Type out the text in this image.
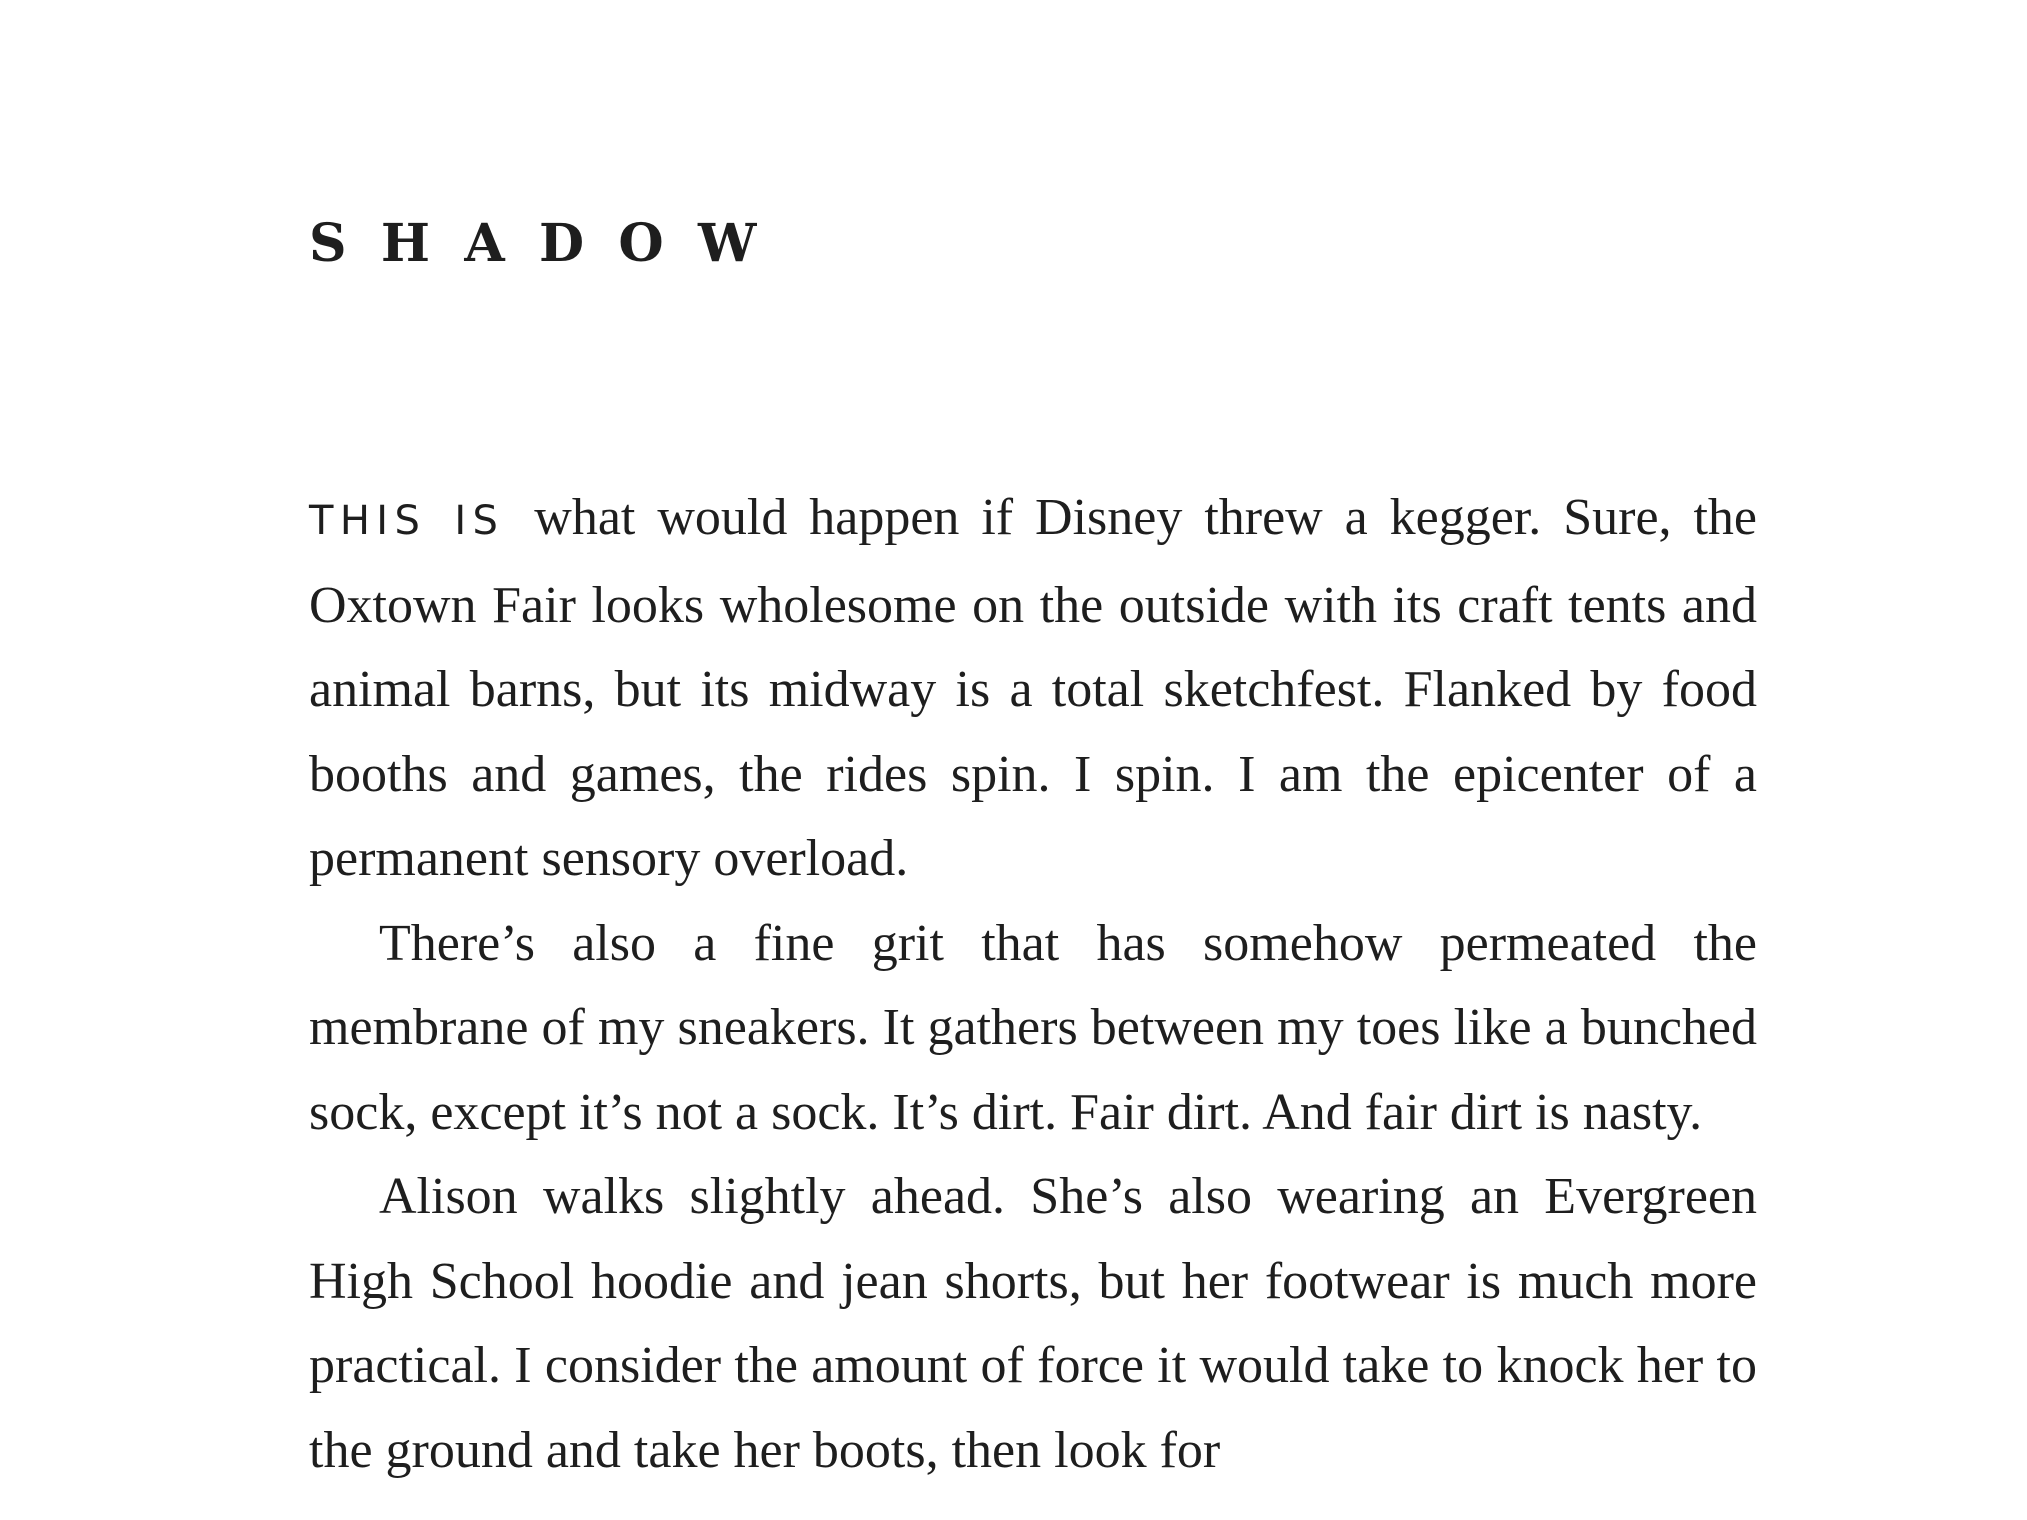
SHADOW

THIS IS what would happen if Disney threw a kegger. Sure, the Oxtown Fair looks wholesome on the outside with its craft tents and animal barns, but its midway is a total sketchfest. Flanked by food booths and games, the rides spin. I spin. I am the epicenter of a permanent sensory overload.

There’s also a fine grit that has somehow permeated the membrane of my sneakers. It gathers between my toes like a bunched sock, except it’s not a sock. It’s dirt. Fair dirt. And fair dirt is nasty.

Alison walks slightly ahead. She’s also wearing an Evergreen High School hoodie and jean shorts, but her footwear is much more practical. I consider the amount of force it would take to knock her to the ground and take her boots, then look for
